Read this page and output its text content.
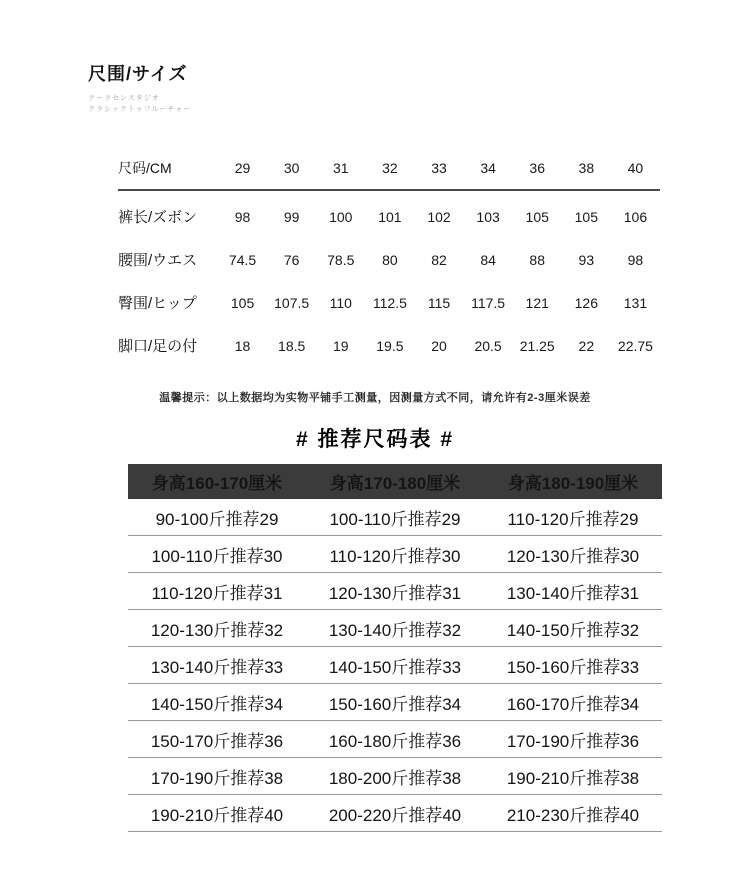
尺围/サイズ
クーラセンスタジオ
クラシックトゥフルーチャー
尺码/CM	29	30	31	32	33	34	36	38	40
裤长/ズボン	98	99	100	101	102	103	105	105	106
腰围/ウエス	74.5	76	78.5	80	82	84	88	93	98
臀围/ヒップ	105	107.5	110	112.5	115	117.5	121	126	131
脚口/足の付	18	18.5	19	19.5	20	20.5	21.25	22	22.75
温馨提示：以上数据均为实物平铺手工测量，因测量方式不同，请允许有2-3厘米误差
# 推荐尺码表 #
身高160-170厘米	身高170-180厘米	身高180-190厘米
90-100斤推荐29	100-110斤推荐29	110-120斤推荐29
100-110斤推荐30	110-120斤推荐30	120-130斤推荐30
110-120斤推荐31	120-130斤推荐31	130-140斤推荐31
120-130斤推荐32	130-140斤推荐32	140-150斤推荐32
130-140斤推荐33	140-150斤推荐33	150-160斤推荐33
140-150斤推荐34	150-160斤推荐34	160-170斤推荐34
150-170斤推荐36	160-180斤推荐36	170-190斤推荐36
170-190斤推荐38	180-200斤推荐38	190-210斤推荐38
190-210斤推荐40	200-220斤推荐40	210-230斤推荐40
